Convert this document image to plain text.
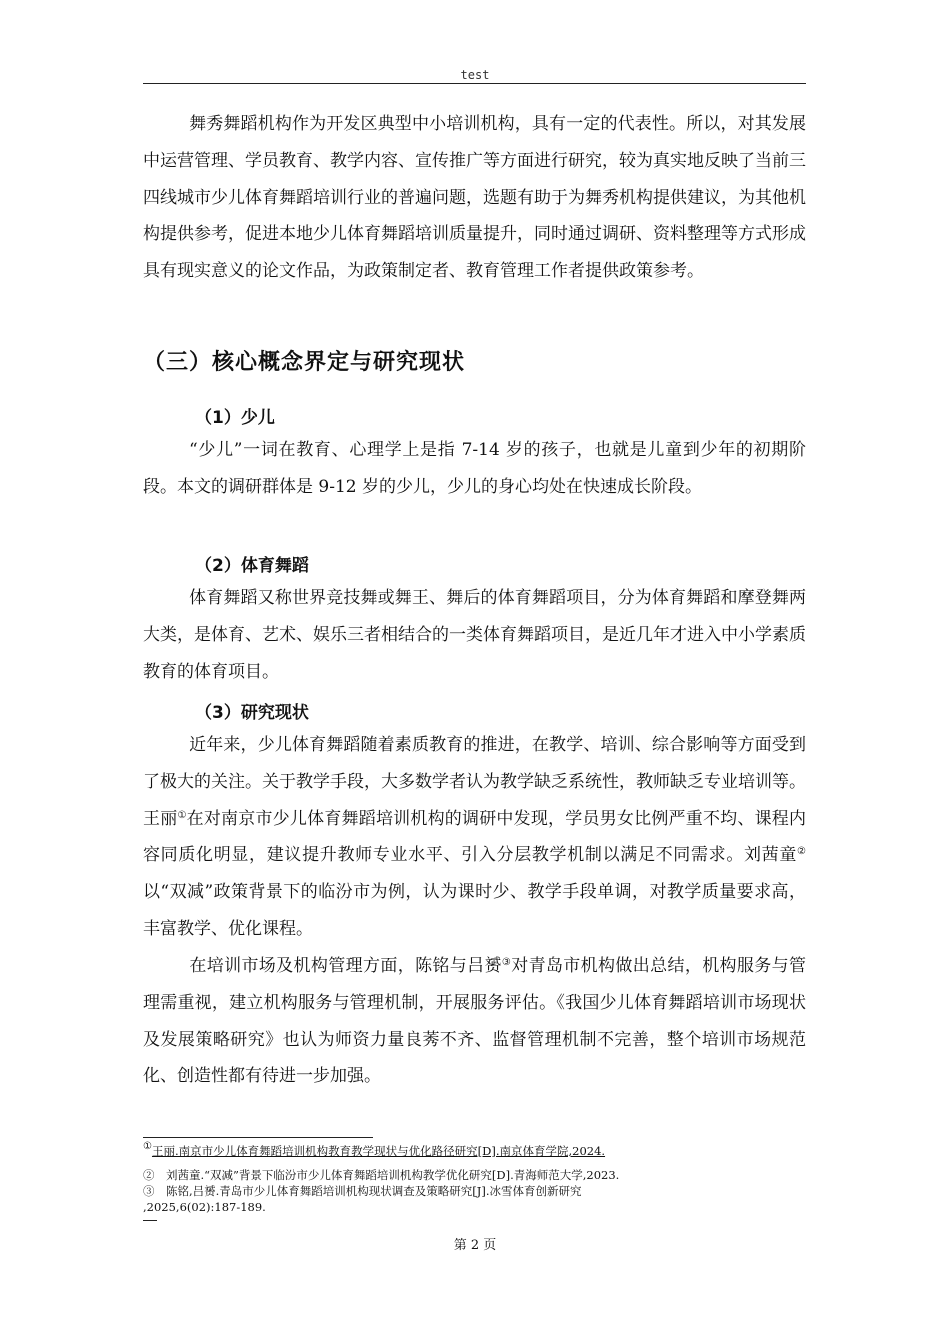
test

舞秀舞蹈机构作为开发区典型中小培训机构，具有一定的代表性。所以，对其发展中运营管理、学员教育、教学内容、宣传推广等方面进行研究，较为真实地反映了当前三四线城市少儿体育舞蹈培训行业的普遍问题，选题有助于为舞秀机构提供建议，为其他机构提供参考，促进本地少儿体育舞蹈培训质量提升，同时通过调研、资料整理等方式形成具有现实意义的论文作品，为政策制定者、教育管理工作者提供政策参考。

（三）核心概念界定与研究现状
（1）少儿

“少儿”一词在教育、心理学上是指 7-14 岁的孩子，也就是儿童到少年的初期阶段。本文的调研群体是 9-12 岁的少儿，少儿的身心均处在快速成长阶段。

（2）体育舞蹈

体育舞蹈又称世界竞技舞或舞王、舞后的体育舞蹈项目，分为体育舞蹈和摩登舞两大类，是体育、艺术、娱乐三者相结合的一类体育舞蹈项目，是近几年才进入中小学素质教育的体育项目。

（3）研究现状

近年来，少儿体育舞蹈随着素质教育的推进，在教学、培训、综合影响等方面受到了极大的关注。关于教学手段，大多数学者认为教学缺乏系统性，教师缺乏专业培训等。王丽①在对南京市少儿体育舞蹈培训机构的调研中发现，学员男女比例严重不均、课程内容同质化明显，建议提升教师专业水平、引入分层教学机制以满足不同需求。刘茜童②以“双减”政策背景下的临汾市为例，认为课时少、教学手段单调，对教学质量要求高，丰富教学、优化课程。

在培训市场及机构管理方面，陈铭与吕赟③对青岛市机构做出总结，机构服务与管理需重视，建立机构服务与管理机制，开展服务评估。《我国少儿体育舞蹈培训市场现状及发展策略研究》也认为师资力量良莠不齐、监督管理机制不完善，整个培训市场规范化、创造性都有待进一步加强。

①王丽.南京市少儿体育舞蹈培训机构教育教学现状与优化路径研究[D].南京体育学院,2024.

②　刘茜童.“双减”背景下临汾市少儿体育舞蹈培训机构教学优化研究[D].青海师范大学,2023.

③　陈铭,吕赟.青岛市少儿体育舞蹈培训机构现状调查及策略研究[J].冰雪体育创新研究

,2025,6(02):187-189.

第 2 页
